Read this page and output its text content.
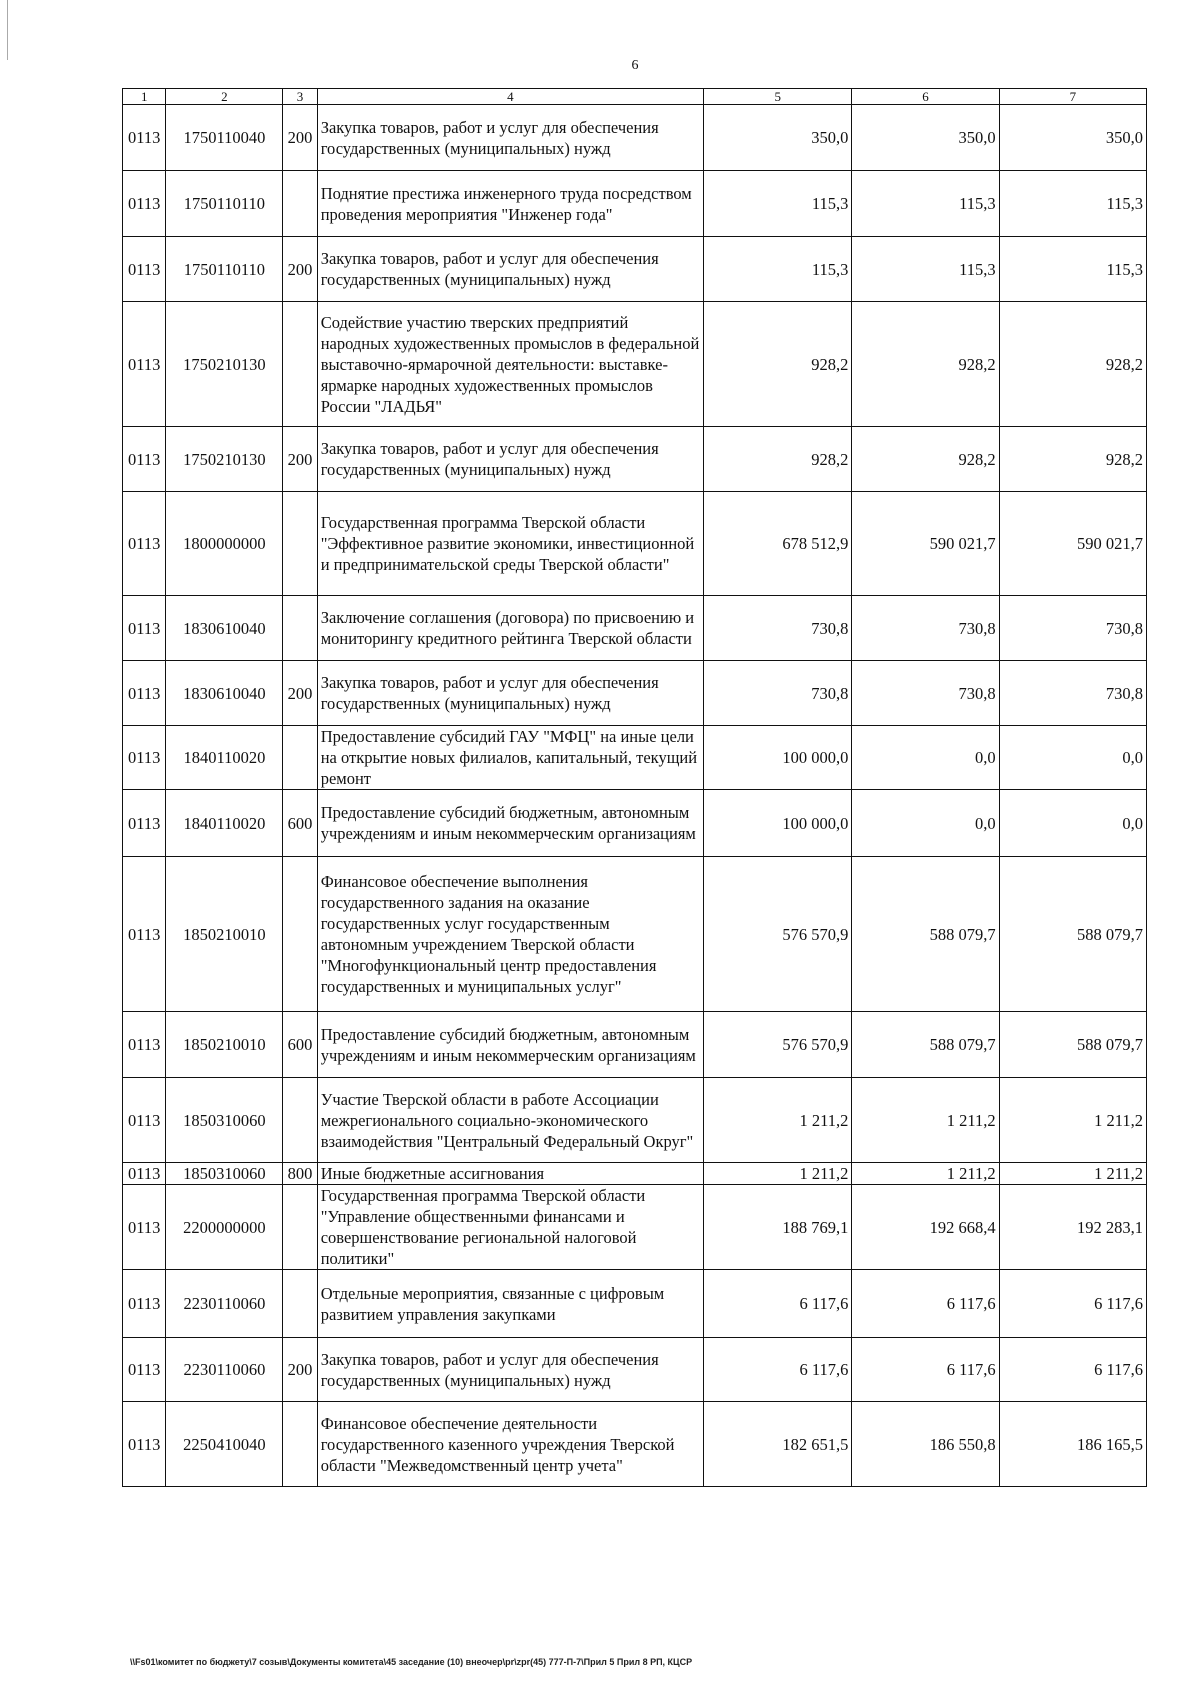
6
1	2	3	4	5	6	7
0113	1750110040	200	Закупка товаров, работ и услуг для обеспечения государственных (муниципальных) нужд	350,0	350,0	350,0
0113	1750110110		Поднятие престижа инженерного труда посредством проведения мероприятия "Инженер года"	115,3	115,3	115,3
0113	1750110110	200	Закупка товаров, работ и услуг для обеспечения государственных (муниципальных) нужд	115,3	115,3	115,3
0113	1750210130		Содействие участию тверских предприятий народных художественных промыслов в федеральной выставочно-ярмарочной деятельности: выставке-ярмарке народных художественных промыслов России "ЛАДЬЯ"	928,2	928,2	928,2
0113	1750210130	200	Закупка товаров, работ и услуг для обеспечения государственных (муниципальных) нужд	928,2	928,2	928,2
0113	1800000000		Государственная программа Тверской области "Эффективное развитие экономики, инвестиционной и предпринимательской среды Тверской области"	678 512,9	590 021,7	590 021,7
0113	1830610040		Заключение соглашения (договора) по присвоению и мониторингу кредитного рейтинга Тверской области	730,8	730,8	730,8
0113	1830610040	200	Закупка товаров, работ и услуг для обеспечения государственных (муниципальных) нужд	730,8	730,8	730,8
0113	1840110020		Предоставление субсидий ГАУ "МФЦ" на иные цели на открытие новых филиалов, капитальный, текущий ремонт	100 000,0	0,0	0,0
0113	1840110020	600	Предоставление субсидий бюджетным, автономным учреждениям и иным некоммерческим организациям	100 000,0	0,0	0,0
0113	1850210010		Финансовое обеспечение выполнения государственного задания на оказание государственных услуг государственным автономным учреждением Тверской области "Многофункциональный центр предоставления государственных и муниципальных услуг"	576 570,9	588 079,7	588 079,7
0113	1850210010	600	Предоставление субсидий бюджетным, автономным учреждениям и иным некоммерческим организациям	576 570,9	588 079,7	588 079,7
0113	1850310060		Участие Тверской области в работе Ассоциации межрегионального социально-экономического взаимодействия "Центральный Федеральный Округ"	1 211,2	1 211,2	1 211,2
0113	1850310060	800	Иные бюджетные ассигнования	1 211,2	1 211,2	1 211,2
0113	2200000000		Государственная программа Тверской области "Управление общественными финансами и совершенствование региональной налоговой политики"	188 769,1	192 668,4	192 283,1
0113	2230110060		Отдельные мероприятия, связанные с цифровым развитием управления закупками	6 117,6	6 117,6	6 117,6
0113	2230110060	200	Закупка товаров, работ и услуг для обеспечения государственных (муниципальных) нужд	6 117,6	6 117,6	6 117,6
0113	2250410040		Финансовое обеспечение деятельности государственного казенного учреждения Тверской области "Межведомственный центр учета"	182 651,5	186 550,8	186 165,5
\\Fs01\комитет по бюджету\7 созыв\Документы комитета\45 заседание (10) внеочер\pr\zpr(45) 777-П-7\Прил 5 Прил 8 РП, КЦСР
